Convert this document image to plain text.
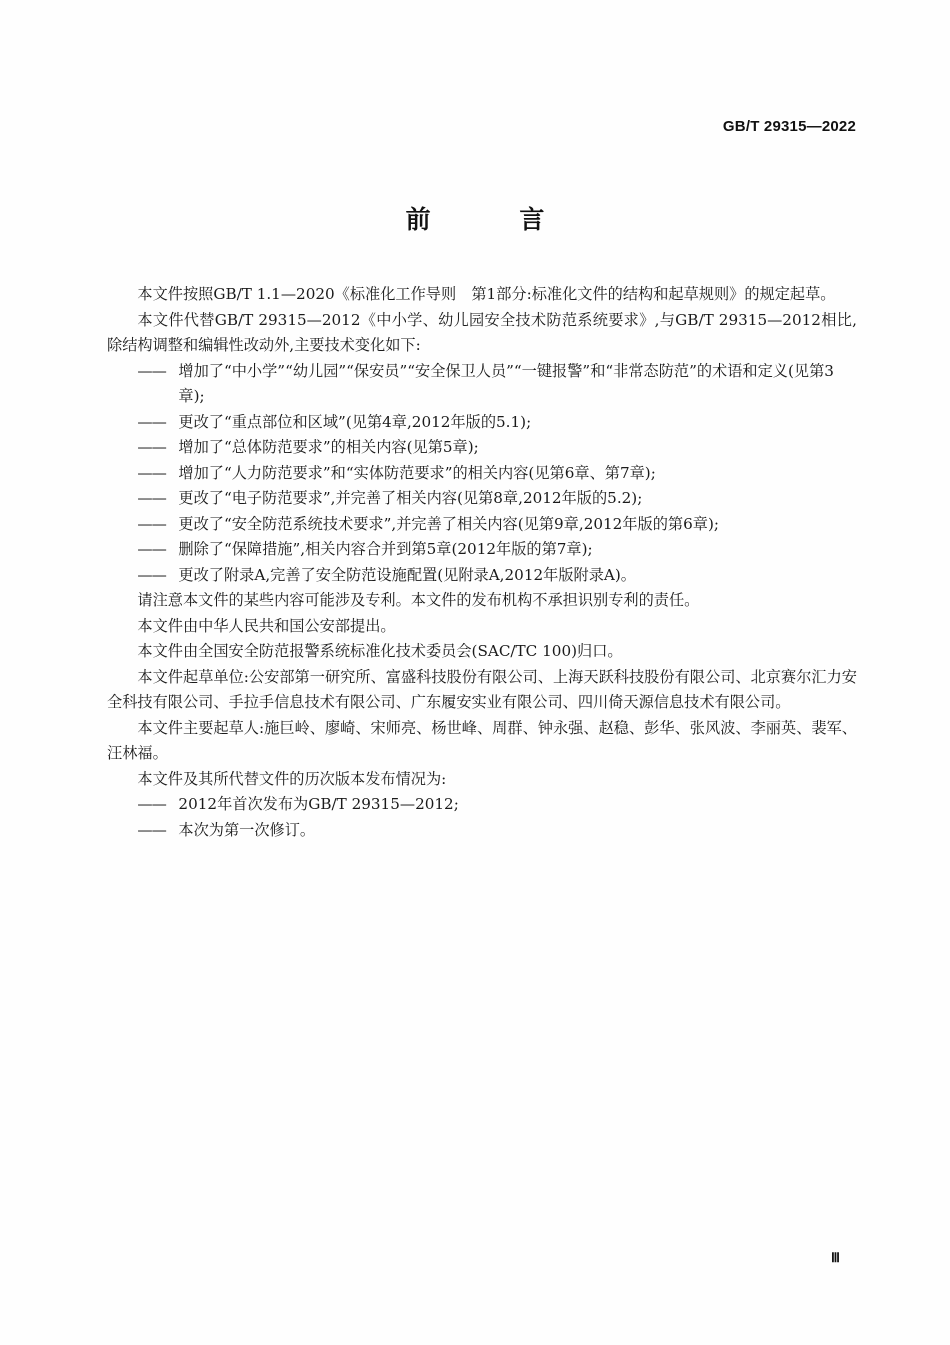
GB/T 29315—2022
前 言

本文件按照GB/T 1.1—2020《标准化工作导则　第1部分:标准化文件的结构和起草规则》的规定起草。

本文件代替GB/T 29315—2012《中小学、幼儿园安全技术防范系统要求》,与GB/T 29315—2012相比,除结构调整和编辑性改动外,主要技术变化如下:

—— 增加了“中小学”“幼儿园”“保安员”“安全保卫人员”“一键报警”和“非常态防范”的术语和定义(见第3章);
—— 更改了“重点部位和区域”(见第4章,2012年版的5.1);
—— 增加了“总体防范要求”的相关内容(见第5章);
—— 增加了“人力防范要求”和“实体防范要求”的相关内容(见第6章、第7章);
—— 更改了“电子防范要求”,并完善了相关内容(见第8章,2012年版的5.2);
—— 更改了“安全防范系统技术要求”,并完善了相关内容(见第9章,2012年版的第6章);
—— 删除了“保障措施”,相关内容合并到第5章(2012年版的第7章);
—— 更改了附录A,完善了安全防范设施配置(见附录A,2012年版附录A)。

请注意本文件的某些内容可能涉及专利。本文件的发布机构不承担识别专利的责任。

本文件由中华人民共和国公安部提出。

本文件由全国安全防范报警系统标准化技术委员会(SAC/TC 100)归口。

本文件起草单位:公安部第一研究所、富盛科技股份有限公司、上海天跃科技股份有限公司、北京赛尔汇力安全科技有限公司、手拉手信息技术有限公司、广东履安实业有限公司、四川倚天源信息技术有限公司。

本文件主要起草人:施巨岭、廖崎、宋师亮、杨世峰、周群、钟永强、赵稳、彭华、张风波、李丽英、裴军、汪林福。

本文件及其所代替文件的历次版本发布情况为:

—— 2012年首次发布为GB/T 29315—2012;
—— 本次为第一次修订。
Ⅲ
